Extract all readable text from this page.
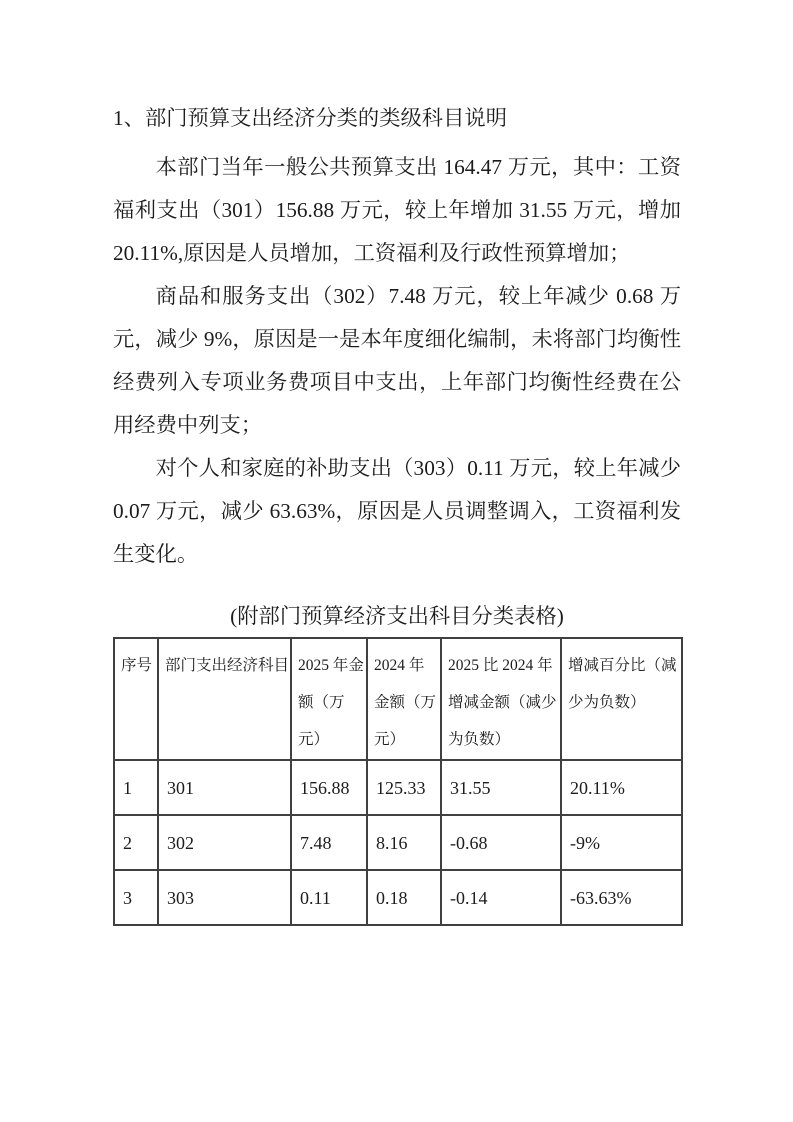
1、部门预算支出经济分类的类级科目说明

本部门当年一般公共预算支出 164.47 万元，其中：工资福利支出（301）156.88 万元，较上年增加 31.55 万元，增加 20.11%,原因是人员增加，工资福利及行政性预算增加；

商品和服务支出（302）7.48 万元，较上年减少 0.68 万元，减少 9%，原因是一是本年度细化编制，未将部门均衡性经费列入专项业务费项目中支出，上年部门均衡性经费在公用经费中列支；

对个人和家庭的补助支出（303）0.11 万元，较上年减少 0.07 万元，减少 63.63%，原因是人员调整调入，工资福利发生变化。

(附部门预算经济支出科目分类表格)
序号	部门支出经济科目	2025 年金额（万元）	2024 年金额（万元）	2025 比 2024 年增减金额（减少为负数）	增减百分比（减少为负数）
1	301	156.88	125.33	31.55	20.11%
2	302	7.48	8.16	-0.68	-9%
3	303	0.11	0.18	-0.14	-63.63%
